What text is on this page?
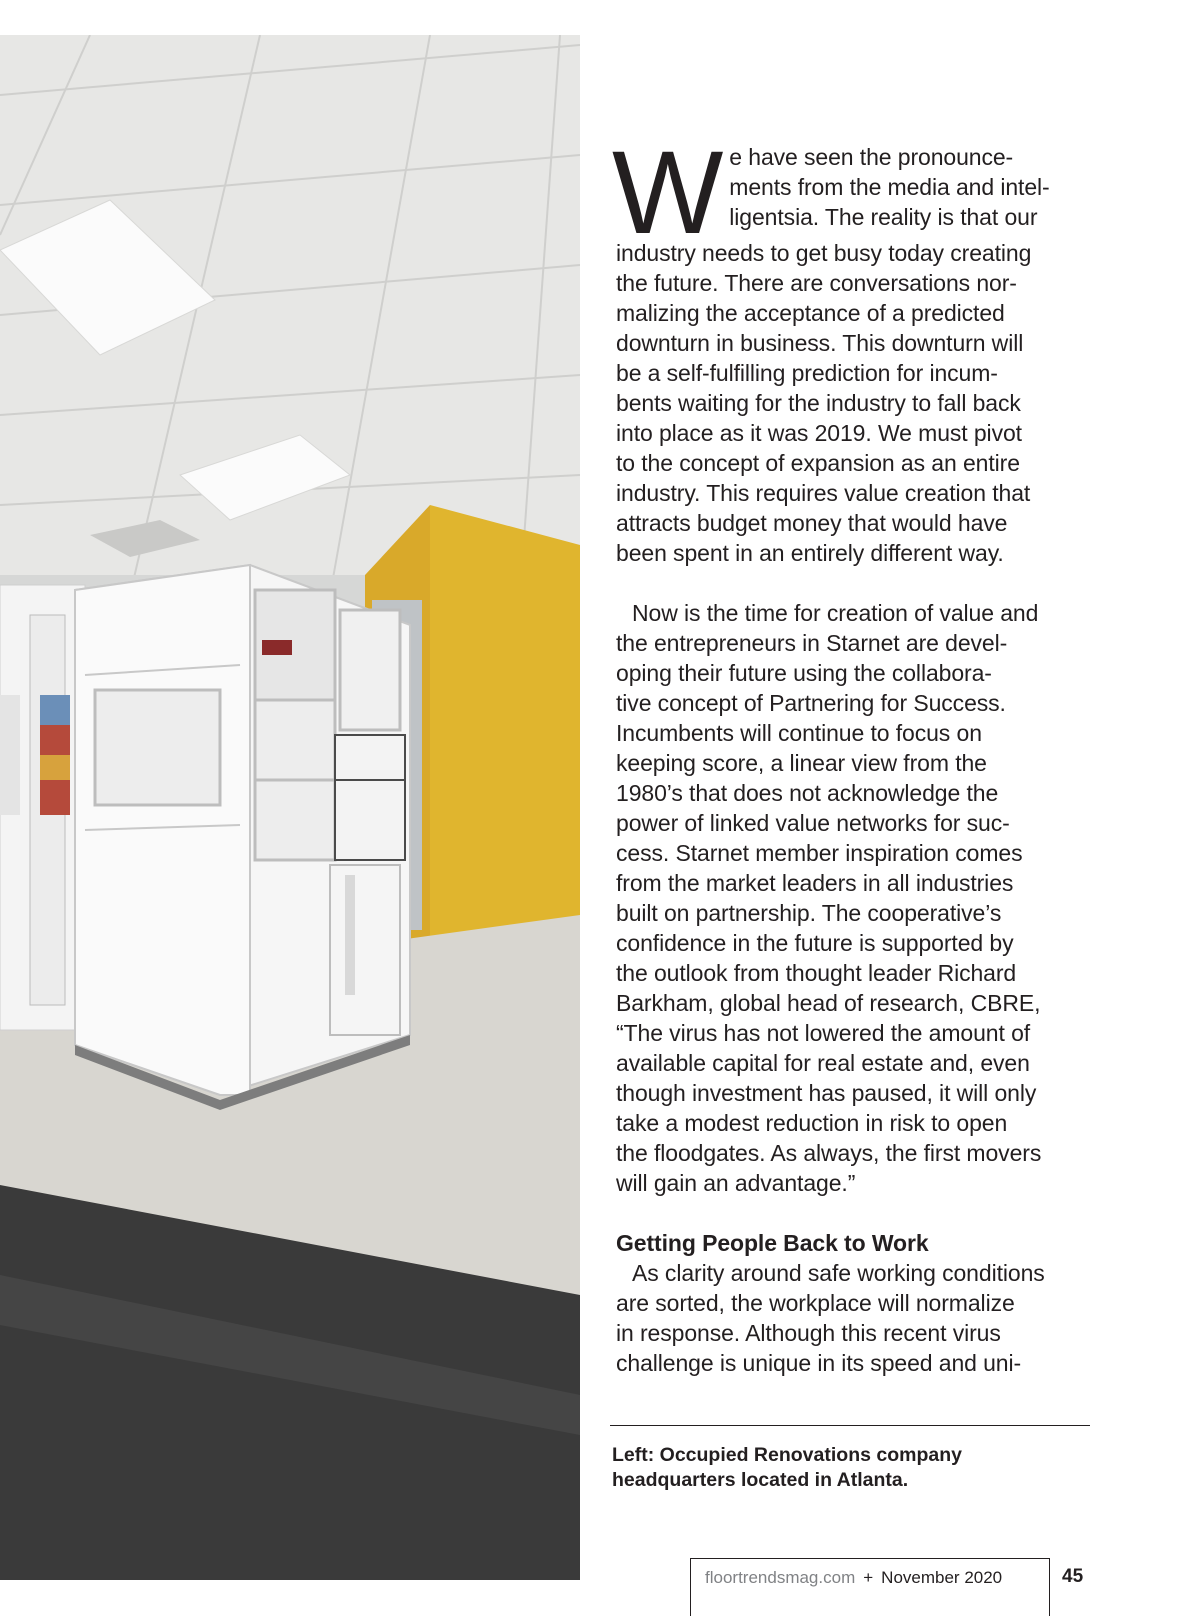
W e have seen the pronounce-
ments from the media and intel-
ligentsia. The reality is that our
industry needs to get busy today creating
the future. There are conversations nor-
malizing the acceptance of a predicted
downturn in business. This downturn will
be a self-fulfilling prediction for incum-
bents waiting for the industry to fall back
into place as it was 2019. We must pivot
to the concept of expansion as an entire
industry. This requires value creation that
attracts budget money that would have
been spent in an entirely different way.
Now is the time for creation of value and
the entrepreneurs in Starnet are devel-
oping their future using the collabora-
tive concept of Partnering for Success.
Incumbents will continue to focus on
keeping score, a linear view from the
1980’s that does not acknowledge the
power of linked value networks for suc-
cess. Starnet member inspiration comes
from the market leaders in all industries
built on partnership. The cooperative’s
confidence in the future is supported by
the outlook from thought leader Richard
Barkham, global head of research, CBRE,
“The virus has not lowered the amount of
available capital for real estate and, even
though investment has paused, it will only
take a modest reduction in risk to open
the floodgates. As always, the first movers
will gain an advantage.”
Getting People Back to Work
As clarity around safe working conditions
are sorted, the workplace will normalize
in response. Although this recent virus
challenge is unique in its speed and uni-
Left: Occupied Renovations company
headquarters located in Atlanta.
floortrendsmag.com + November 2020	45
